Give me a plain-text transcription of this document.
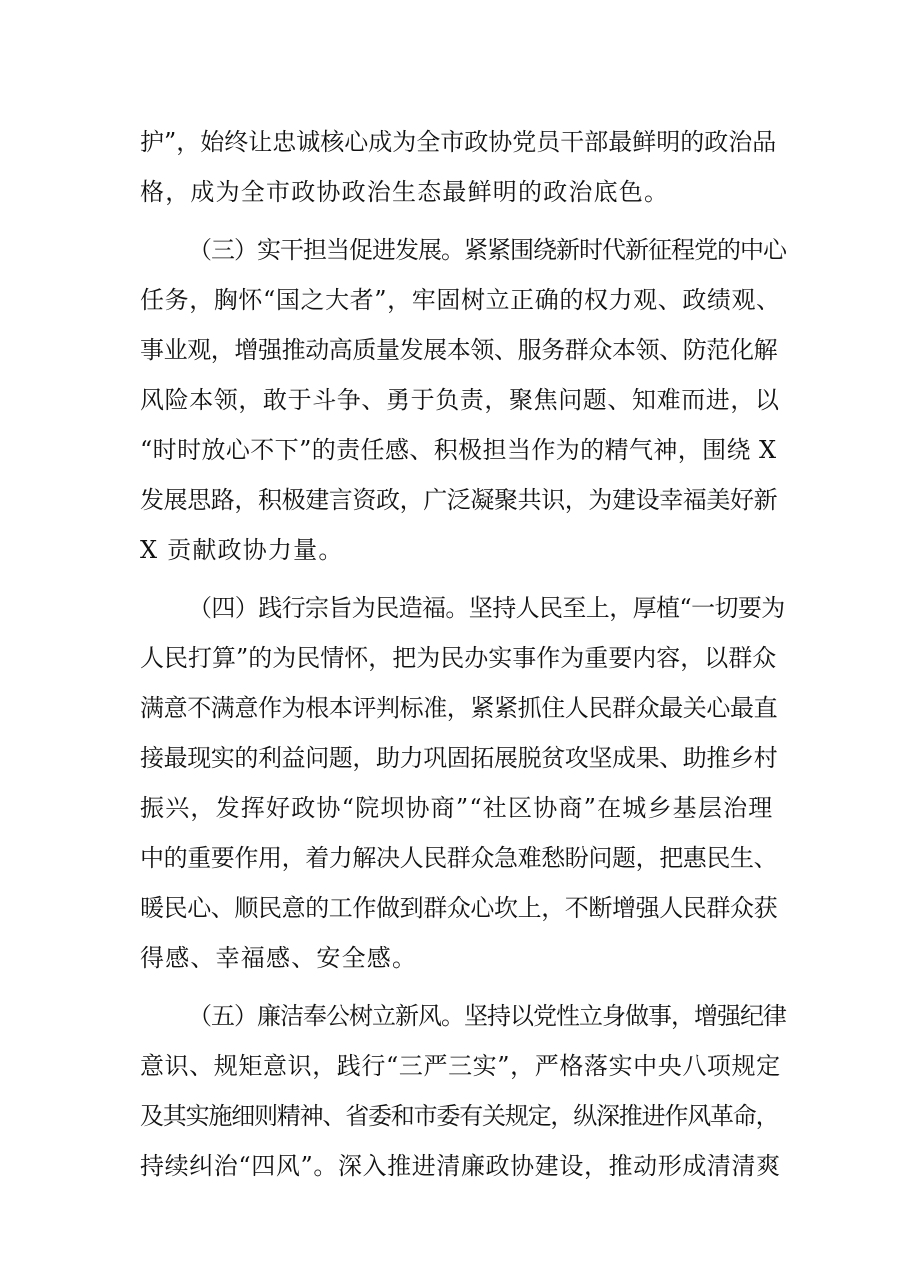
护”，始终让忠诚核心成为全市政协党员干部最鲜明的政治品
格，成为全市政协政治生态最鲜明的政治底色。
（三）实干担当促进发展。紧紧围绕新时代新征程党的中心
任务，胸怀“国之大者”，牢固树立正确的权力观、政绩观、
事业观，增强推动高质量发展本领、服务群众本领、防范化解
风险本领，敢于斗争、勇于负责，聚焦问题、知难而进，以
“时时放心不下”的责任感、积极担当作为的精气神，围绕 X
发展思路，积极建言资政，广泛凝聚共识，为建设幸福美好新
X 贡献政协力量。
（四）践行宗旨为民造福。坚持人民至上，厚植“一切要为
人民打算”的为民情怀，把为民办实事作为重要内容，以群众
满意不满意作为根本评判标准，紧紧抓住人民群众最关心最直
接最现实的利益问题，助力巩固拓展脱贫攻坚成果、助推乡村
振兴，发挥好政协“院坝协商”“社区协商”在城乡基层治理
中的重要作用，着力解决人民群众急难愁盼问题，把惠民生、
暖民心、顺民意的工作做到群众心坎上，不断增强人民群众获
得感、幸福感、安全感。
（五）廉洁奉公树立新风。坚持以党性立身做事，增强纪律
意识、规矩意识，践行“三严三实”，严格落实中央八项规定
及其实施细则精神、省委和市委有关规定，纵深推进作风革命，
持续纠治“四风”。深入推进清廉政协建设，推动形成清清爽
